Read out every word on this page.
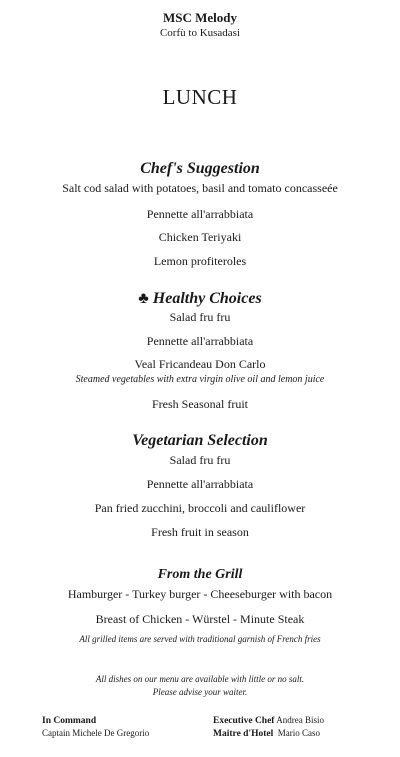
MSC Melody
Corfù to Kusadasi
LUNCH
Chef's Suggestion
Salt cod salad with potatoes, basil and tomato concasseée
Pennette all'arrabbiata
Chicken Teriyaki
Lemon profiteroles
♣ Healthy Choices
Salad fru fru
Pennette all'arrabbiata
Veal Fricandeau Don Carlo
Steamed vegetables with extra virgin olive oil and lemon juice
Fresh Seasonal fruit
Vegetarian Selection
Salad fru fru
Pennette all'arrabbiata
Pan fried zucchini, broccoli and cauliflower
Fresh fruit in season
From the Grill
Hamburger - Turkey burger - Cheeseburger with bacon
Breast of Chicken - Würstel - Minute Steak
All grilled items are served with traditional garnish of French fries
All dishes on our menu are available with little or no salt.
Please advise your waiter.
In Command
Captain Michele De Gregorio
Executive Chef Andrea Bisio
Maitre d'Hotel Mario Caso
